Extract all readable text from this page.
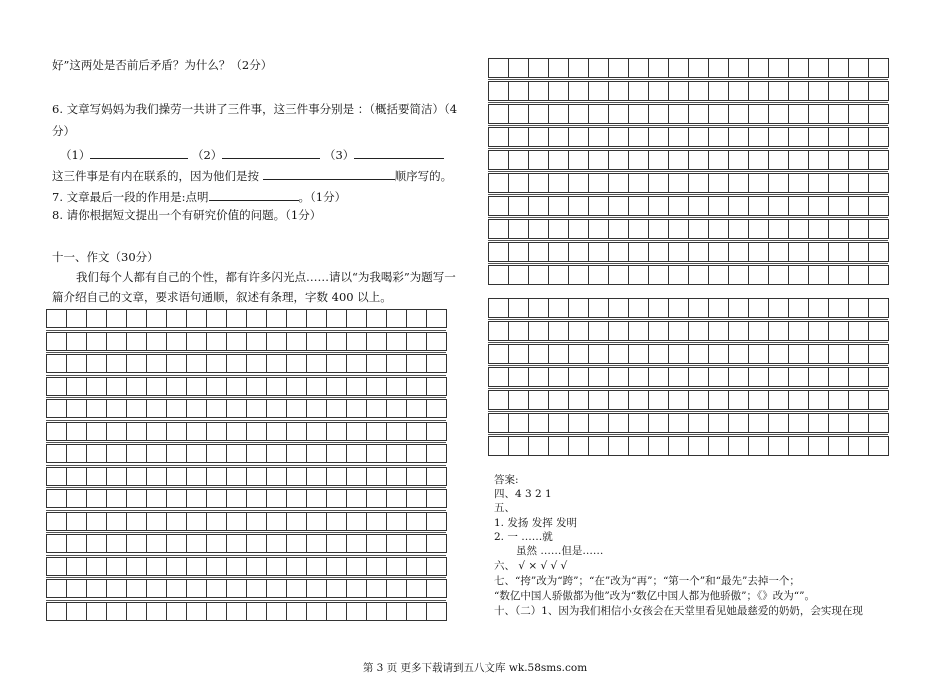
好”这两处是否前后矛盾？为什么？（2分）
6. 文章写妈妈为我们操劳一共讲了三件事，这三件事分别是 ：（概括要简洁）（4
分）
（1）	（2）	（3）
这三件事是有内在联系的，因为他们是按	顺序写的。
7. 文章最后一段的作用是:点明	。（1分）
8. 请你根据短文提出一个有研究价值的问题。（1分）
十一、作文（30分）
我们每个人都有自己的个性，都有许多闪光点……请以“为我喝彩”为题写一
篇介绍自己的文章，要求语句通顺，叙述有条理，字数 400 以上。
答案:
四、4 3 2 1
五、
1. 发扬 发挥 发明
2. 一 ……就
虽然 ……但是……
六、 √ × √ √ √
七、“挎”改为“跨”；“在”改为“再”；“第一个”和“最先”去掉一个；
“数亿中国人骄傲都为他”改为“数亿中国人都为他骄傲”；《》改为“”。
十、（二）1、因为我们相信小女孩会在天堂里看见她最慈爱的奶奶，会实现在现
第 3 页 更多下载请到五八文库 wk.58sms.com
